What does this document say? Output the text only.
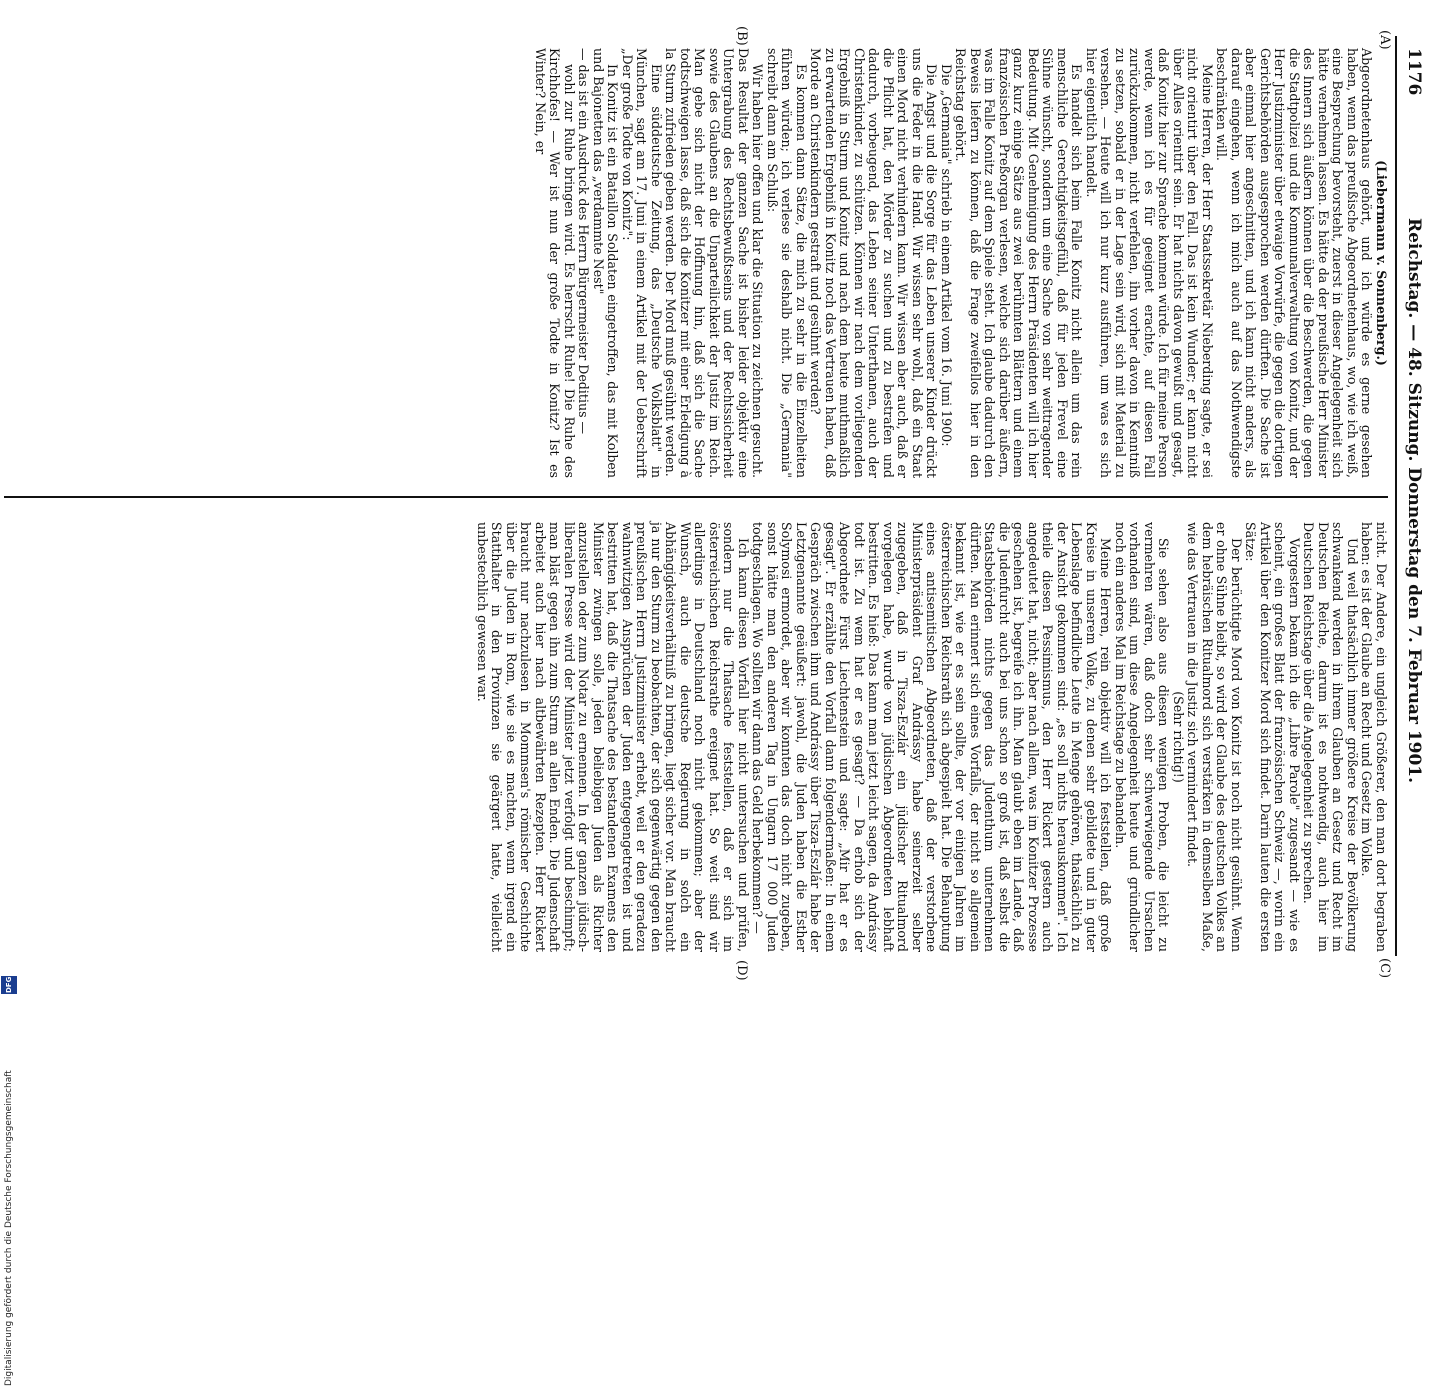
1176
Reichstag. — 48. Sitzung. Donnerstag den 7. Februar 1901.
(A)
(B)
(C)
(D)

(Liebermann v. Sonnenberg.)

Abgeordnetenhaus gehört, und ich würde es gerne gesehen haben, wenn das preußische Abgeordnetenhaus, wo, wie ich weiß, eine Besprechung bevorsteht, zuerst in dieser Angelegenheit sich hätte vernehmen lassen. Es hätte da der preußische Herr Minister des Innern sich äußern können über die Beschwerden, die gegen die Stadtpolizei und die Kommunalverwaltung von Konitz, und der Herr Justizminister über etwaige Vorwürfe, die gegen die dortigen Gerichtsbehörden ausgesprochen werden dürften. Die Sache ist aber einmal hier angeschnitten, und ich kann nicht anders, als darauf eingehen, wenn ich mich auch auf das Nothwendigste beschränken will.

Meine Herren, der Herr Staatssekretär Nieberding sagte, er sei nicht orientirt über den Fall. Das ist kein Wunder; er kann nicht über Alles orientirt sein. Er hat nichts davon gewußt und gesagt, daß Konitz hier zur Sprache kommen würde. Ich für meine Person werde, wenn ich es für geeignet erachte, auf diesen Fall zurückzukommen, nicht verfehlen, ihn vorher davon in Kenntniß zu setzen, sobald er in der Lage sein wird, sich mit Material zu versehen. — Heute will ich nur kurz ausführen, um was es sich hier eigentlich handelt.

Es handelt sich beim Falle Konitz nicht allein um das rein menschliche Gerechtigkeitsgefühl, daß für jeden Frevel eine Sühne wünscht, sondern um eine Sache von sehr weittragender Bedeutung. Mit Genehmigung des Herrn Präsidenten will ich hier ganz kurz einige Sätze aus zwei berühmten Blättern und einem französischen Preßorgan verlesen, welche sich darüber äußern, was im Falle Konitz auf dem Spiele steht. Ich glaube dadurch den Beweis liefern zu können, daß die Frage zweifellos hier in den Reichstag gehört.

Die „Germania" schrieb in einem Artikel vom 16. Juni 1900:

Die Angst und die Sorge für das Leben unserer Kinder drückt uns die Feder in die Hand. Wir wissen sehr wohl, daß ein Staat einen Mord nicht verhindern kann. Wir wissen aber auch, daß er die Pflicht hat, den Mörder zu suchen und zu bestrafen und dadurch, vorbeugend, das Leben seiner Unterthanen, auch der Christenkinder, zu schützen. Können wir nach dem vorliegenden Ergebniß in Sturm und Konitz und nach dem heute muthmaßlich zu erwartenden Ergebniß in Konitz noch das Vertrauen haben, daß Morde an Christenkindern gestraft und gesühnt werden?

Es kommen dann Sätze, die mich zu sehr in die Einzelheiten führen würden; ich verlese sie deshalb nicht. Die „Germania" schreibt dann am Schluß:

Wir haben hier offen und klar die Situation zu zeichnen gesucht. Das Resultat der ganzen Sache ist bisher leider objektiv eine Untergrabung des Rechtsbewußtseins und der Rechtssicherheit sowie des Glaubens an die Unparteilichkeit der Justiz im Reich. Man gebe sich nicht der Hoffnung hin, daß sich die Sache todtschweigen lasse, daß sich die Konitzer mit einer Erledigung à la Sturm zufrieden geben werden. Der Mord muß gesühnt werden.

Eine süddeutsche Zeitung, das „Deutsche Volksblatt" in München, sagt am 17. Juni in einem Artikel mit der Ueberschrift „Der große Todte von Konitz":

In Konitz ist ein Bataillon Soldaten eingetroffen, das mit Kolben und Bajonetten das „verdammte Nest"

— das ist ein Ausdruck des Herrn Bürgermeister Deditius —

wohl zur Ruhe bringen wird. Es herrscht Ruhe! Die Ruhe des Kirchhofes! — Wer ist nun der große Todte in Konitz? Ist es Winter? Nein, er

nicht. Der Andere, ein ungleich Größerer, den man dort begraben haben: es ist der Glaube an Recht und Gesetz im Volke.

Und weil thatsächlich immer größere Kreise der Bevölkerung schwankend werden in ihrem Glauben an Gesetz und Recht im Deutschen Reiche, darum ist es nothwendig, auch hier im Deutschen Reichstage über die Angelegenheit zu sprechen.

Vorgestern bekam ich die „Libre Parole" zugesandt — wie es scheint, ein großes Blatt der französischen Schweiz —, worin ein Artikel über den Konitzer Mord sich findet. Darin lauten die ersten Sätze:

Der berüchtigte Mord von Konitz ist noch nicht gesühnt. Wenn er ohne Sühne bleibt, so wird der Glaube des deutschen Volkes an dem hebräischen Ritualmord sich verstärken in demselben Maße, wie das Vertrauen in die Justiz sich vermindert findet.

(Sehr richtig!)

Sie sehen also aus diesen wenigen Proben, die leicht zu vermehren wären, daß doch sehr schwerwiegende Ursachen vorhanden sind, um diese Angelegenheit heute und gründlicher noch ein anderes Mal im Reichstage zu behandeln.

Meine Herren, rein objektiv will ich feststellen, daß große Kreise in unserem Volke, zu denen sehr gebildete und in guter Lebenslage befindliche Leute in Menge gehören, thatsächlich zu der Ansicht gekommen sind: „es soll nichts herauskommen". Ich theile diesen Pessimismus, den Herr Rickert gestern auch angedeutet hat, nicht; aber nach allem, was im Konitzer Prozesse geschehen ist, begreife ich ihn. Man glaubt eben im Lande, daß die Judenfurcht auch bei uns schon so groß ist, daß selbst die Staatsbehörden nichts gegen das Judenthum unternehmen dürften. Man erinnert sich eines Vorfalls, der nicht so allgemein bekannt ist, wie er es sein sollte, der vor einigen Jahren im österreichischen Reichsrath sich abgespielt hat. Die Behauptung eines antisemitischen Abgeordneten, daß der verstorbene Ministerpräsident Graf Andrássy habe seinerzeit selber zugegeben, daß in Tisza-Eszlár ein jüdischer Ritualmord vorgelegen habe, wurde von jüdischen Abgeordneten lebhaft bestritten. Es hieß: Das kann man jetzt leicht sagen, da Andrássy todt ist. Zu wem hat er es gesagt? — Da erhob sich der Abgeordnete Fürst Liechtenstein und sagte: „Mir hat er es gesagt". Er erzählte den Vorfall dann folgendermaßen: In einem Gespräch zwischen ihm und Andrássy über Tisza-Eszlár habe der Letztgenannte geäußert: jawohl, die Juden haben die Esther Solymosi ermordet, aber wir konnten das doch nicht zugeben, sonst hätte man den anderen Tag in Ungarn 17 000 Juden todtgeschlagen. Wo sollten wir dann das Geld herbekommen? —

Ich kann diesen Vorfall hier nicht untersuchen und prüfen, sondern nur die Thatsache feststellen, daß er sich im österreichischen Reichsrathe ereignet hat. So weit sind wir allerdings in Deutschland noch nicht gekommen; aber der Wunsch, auch die deutsche Regierung in solch ein Abhängigkeitsverhältniß zu bringen, liegt sicher vor. Man braucht ja nur den Sturm zu beobachten, der sich gegenwärtig gegen den preußischen Herrn Justizminister erhebt, weil er den geradezu wahnwitzigen Ansprüchen der Juden entgegengetreten ist und bestritten hat, daß die Thatsache des bestandenen Examens den Minister zwingen solle, jeden beliebigen Juden als Richter anzustellen oder zum Notar zu ernennen. In der ganzen jüdisch-liberalen Presse wird der Minister jetzt verfolgt und beschimpft; man bläst gegen ihn zum Sturm an allen Enden. Die Judenschaft arbeitet auch hier nach altbewährten Rezepten. Herr Rickert braucht nur nachzulesen in Mommsen's römischer Geschichte über die Juden in Rom, wie sie es machten, wenn irgend ein Statthalter in den Provinzen sie geärgert hatte, vielleicht unbestechlich gewesen war.

Digitalisierung gefördert durch die Deutsche Forschungsgemeinschaft
DFG
